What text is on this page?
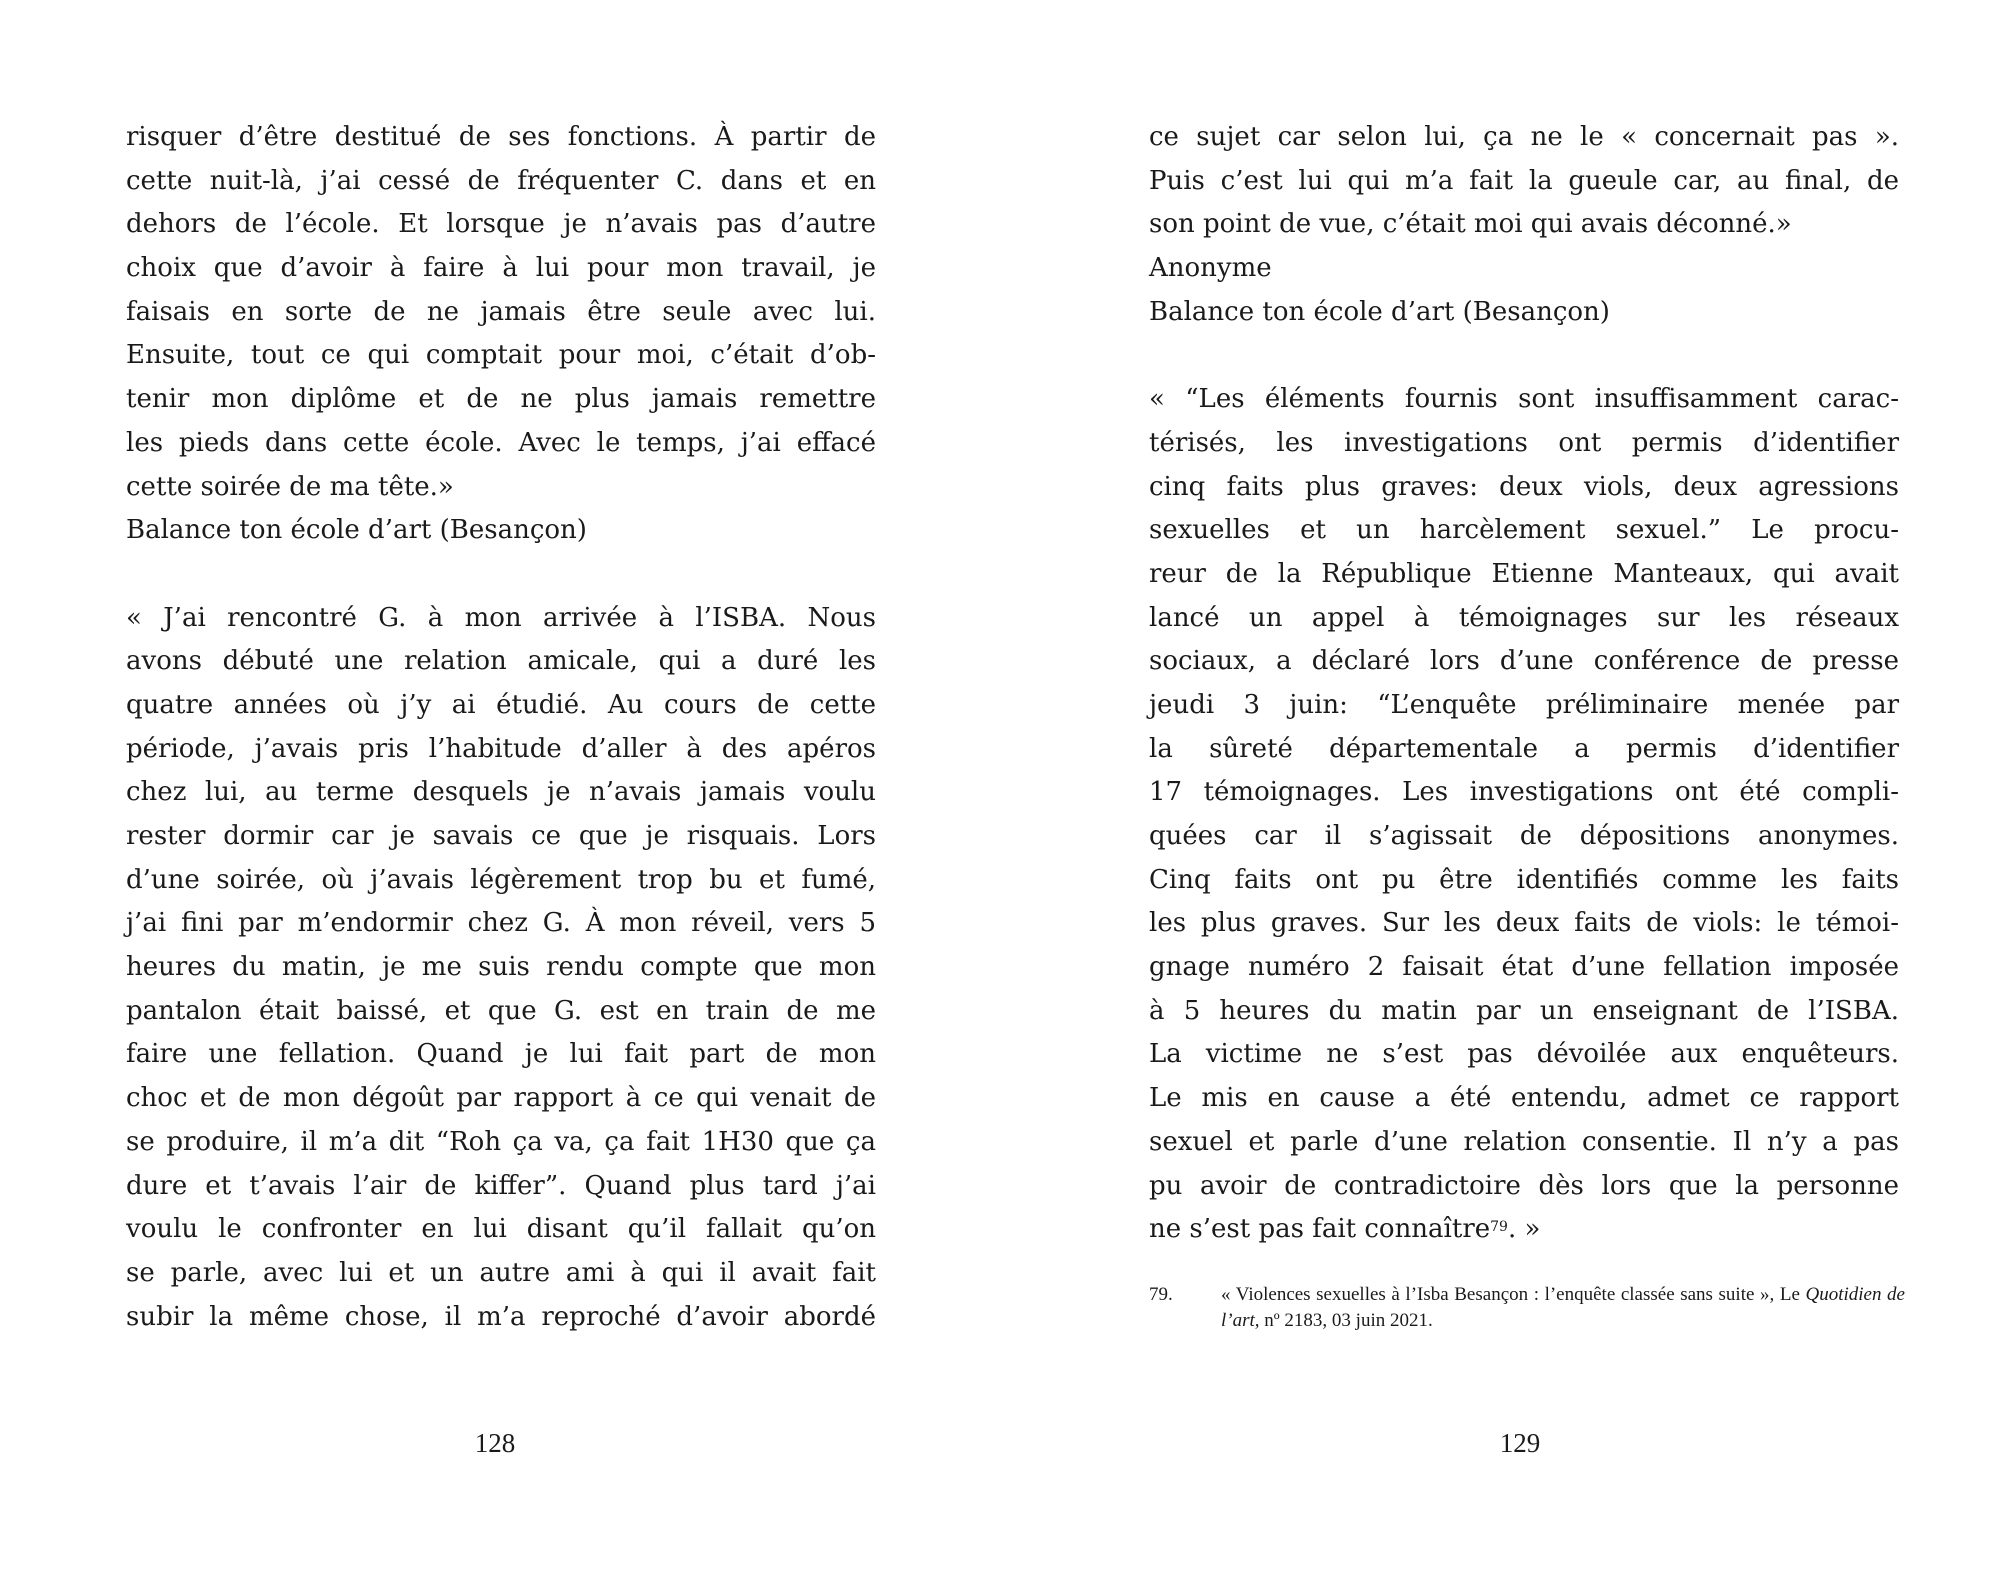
risquer d’être destitué de ses fonctions. À partir de
cette nuit-là, j’ai cessé de fréquenter C. dans et en
dehors de l’école. Et lorsque je n’avais pas d’autre
choix que d’avoir à faire à lui pour mon travail, je
faisais en sorte de ne jamais être seule avec lui.
Ensuite, tout ce qui comptait pour moi, c’était d’ob-
tenir mon diplôme et de ne plus jamais remettre
les pieds dans cette école. Avec le temps, j’ai effacé
cette soirée de ma tête.»
Balance ton école d’art (Besançon)
« J’ai rencontré G. à mon arrivée à l’ISBA. Nous
avons débuté une relation amicale, qui a duré les
quatre années où j’y ai étudié. Au cours de cette
période, j’avais pris l’habitude d’aller à des apéros
chez lui, au terme desquels je n’avais jamais voulu
rester dormir car je savais ce que je risquais. Lors
d’une soirée, où j’avais légèrement trop bu et fumé,
j’ai fini par m’endormir chez G. À mon réveil, vers 5
heures du matin, je me suis rendu compte que mon
pantalon était baissé, et que G. est en train de me
faire une fellation. Quand je lui fait part de mon
choc et de mon dégoût par rapport à ce qui venait de
se produire, il m’a dit “Roh ça va, ça fait 1H30 que ça
dure et t’avais l’air de kiffer”. Quand plus tard j’ai
voulu le confronter en lui disant qu’il fallait qu’on
se parle, avec lui et un autre ami à qui il avait fait
subir la même chose, il m’a reproché d’avoir abordé
128
ce sujet car selon lui, ça ne le « concernait pas ».
Puis c’est lui qui m’a fait la gueule car, au final, de
son point de vue, c’était moi qui avais déconné.»
Anonyme
Balance ton école d’art (Besançon)
« “Les éléments fournis sont insuffisamment carac-
térisés, les investigations ont permis d’identifier
cinq faits plus graves: deux viols, deux agressions
sexuelles et un harcèlement sexuel.” Le procu-
reur de la République Etienne Manteaux, qui avait
lancé un appel à témoignages sur les réseaux
sociaux, a déclaré lors d’une conférence de presse
jeudi 3 juin: “L’enquête préliminaire menée par
la sûreté départementale a permis d’identifier
17 témoignages. Les investigations ont été compli-
quées car il s’agissait de dépositions anonymes.
Cinq faits ont pu être identifiés comme les faits
les plus graves. Sur les deux faits de viols: le témoi-
gnage numéro 2 faisait état d’une fellation imposée
à 5 heures du matin par un enseignant de l’ISBA.
La victime ne s’est pas dévoilée aux enquêteurs.
Le mis en cause a été entendu, admet ce rapport
sexuel et parle d’une relation consentie. Il n’y a pas
pu avoir de contradictoire dès lors que la personne
ne s’est pas fait connaître$^{79}$. »
79.	« Violences sexuelles à l’Isba Besançon : l’enquête classée sans suite », Le Quotidien de l’art, nº 2183, 03 juin 2021.
129
